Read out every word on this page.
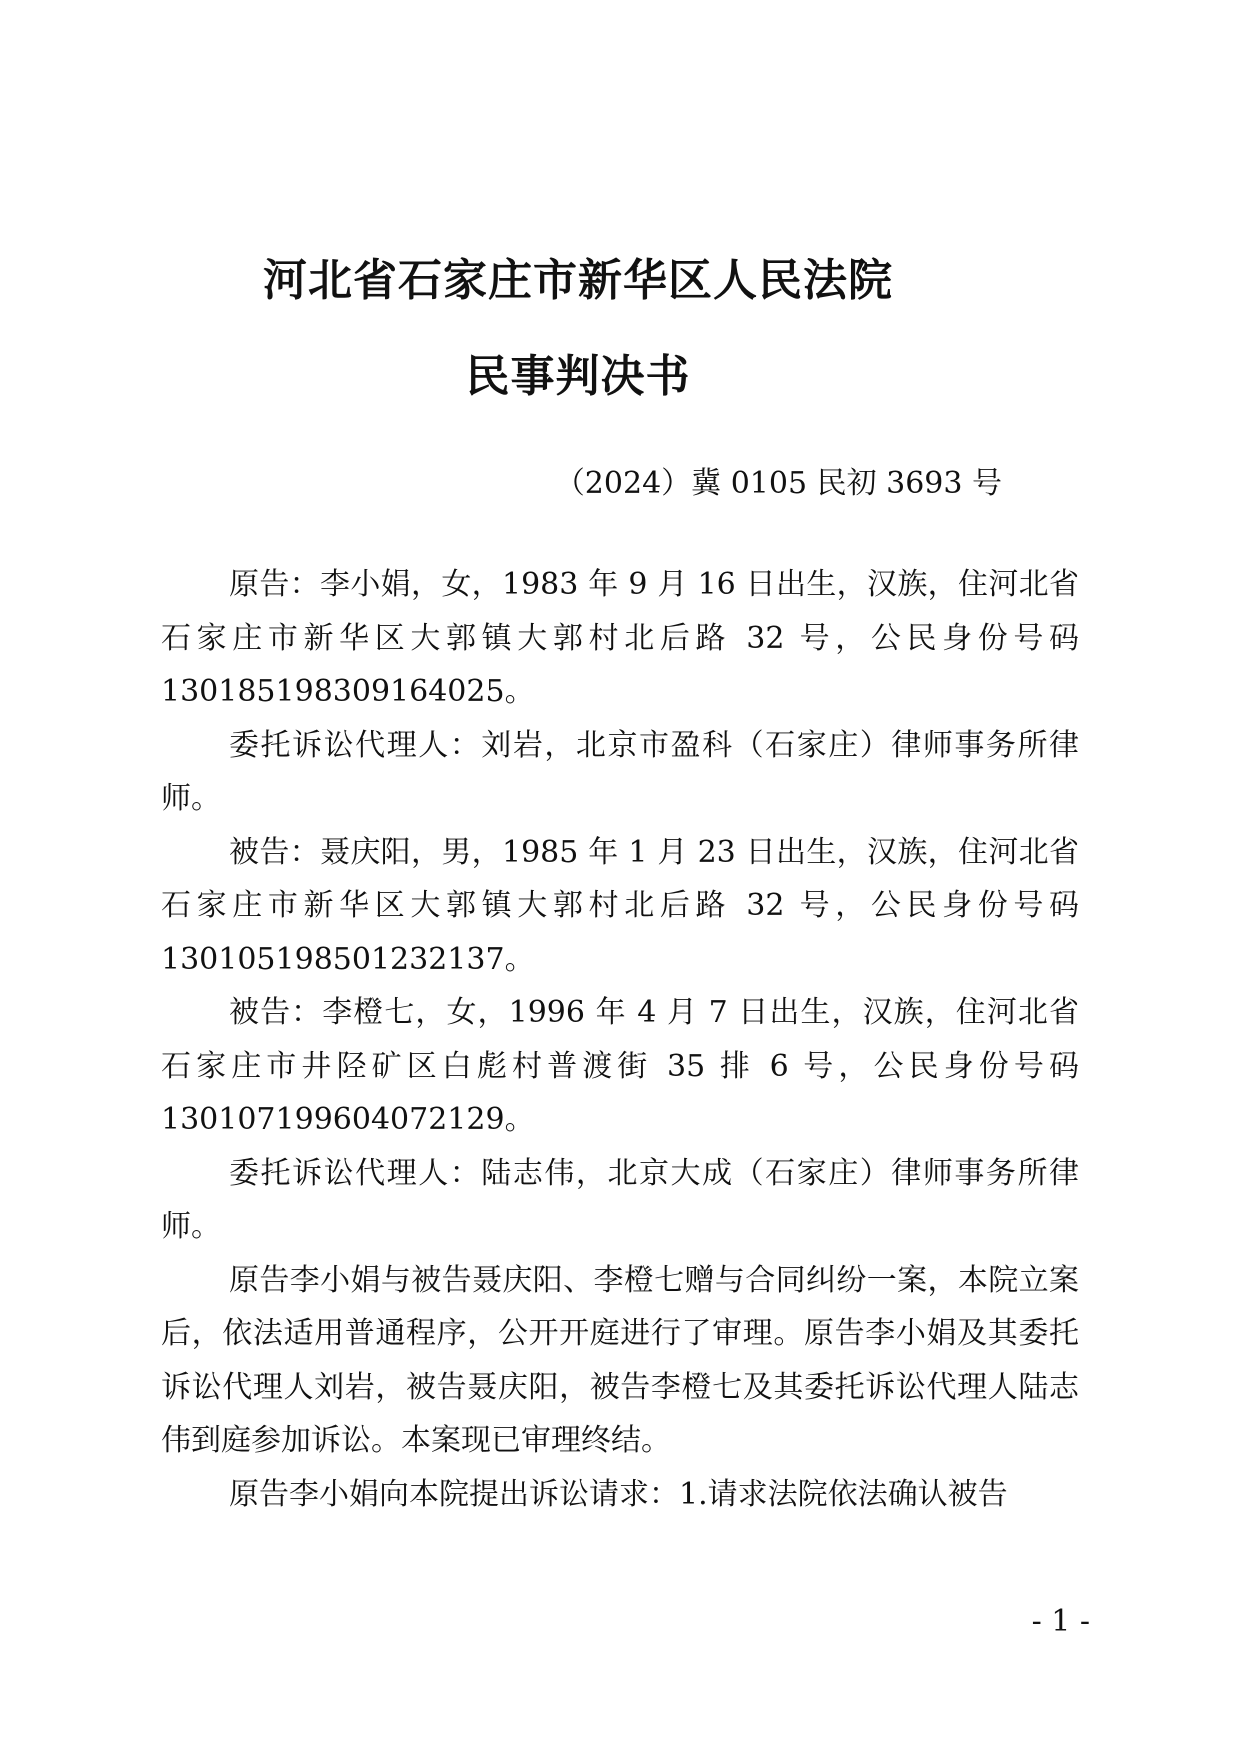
河北省石家庄市新华区人民法院
民事判决书
（2024）冀 0105 民初 3693 号

原告：李小娟，女，1983 年 9 月 16 日出生，汉族，住河北省石家庄市新华区大郭镇大郭村北后路 32 号，公民身份号码130185198309164025。

委托诉讼代理人：刘岩，北京市盈科（石家庄）律师事务所律师。

被告：聂庆阳，男，1985 年 1 月 23 日出生，汉族，住河北省石家庄市新华区大郭镇大郭村北后路 32 号，公民身份号码130105198501232137。

被告：李橙七，女，1996 年 4 月 7 日出生，汉族，住河北省石家庄市井陉矿区白彪村普渡街 35 排 6 号，公民身份号码130107199604072129。

委托诉讼代理人：陆志伟，北京大成（石家庄）律师事务所律师。

原告李小娟与被告聂庆阳、李橙七赠与合同纠纷一案，本院立案后，依法适用普通程序，公开开庭进行了审理。原告李小娟及其委托诉讼代理人刘岩，被告聂庆阳，被告李橙七及其委托诉讼代理人陆志伟到庭参加诉讼。本案现已审理终结。

原告李小娟向本院提出诉讼请求：1.请求法院依法确认被告

- 1 -
